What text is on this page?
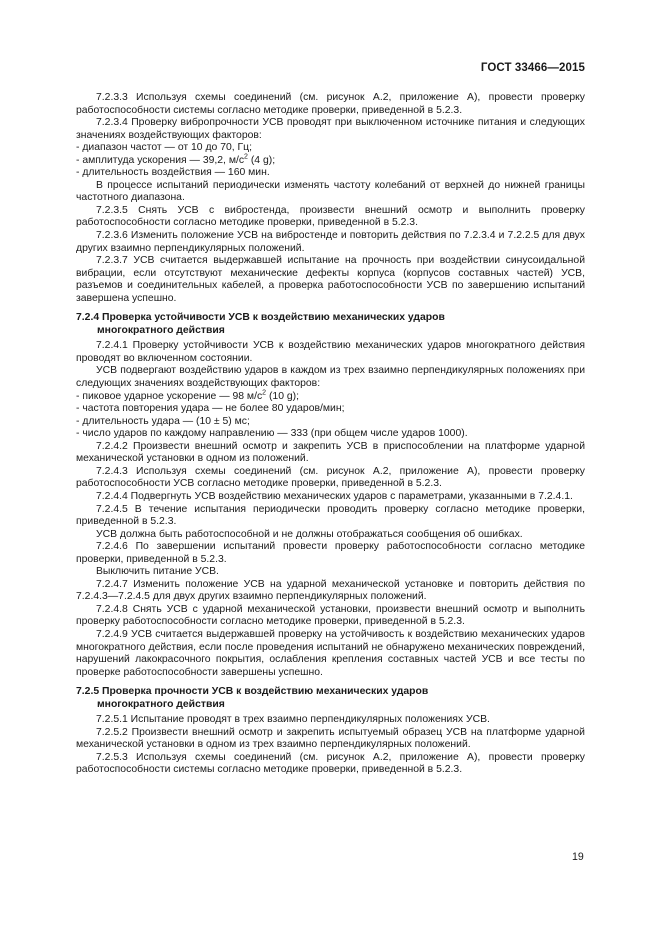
ГОСТ 33466—2015

7.2.3.3 Используя схемы соединений (см. рисунок А.2, приложение А), провести проверку работоспособности системы согласно методике проверки, приведенной в 5.2.3.

7.2.3.4 Проверку вибропрочности УСВ проводят при выключенном источнике питания и следующих значениях воздействующих факторов:

- диапазон частот — от 10 до 70, Гц;

- амплитуда ускорения — 39,2, $м/с^2$ (4 g);

- длительность воздействия — 160 мин.

В процессе испытаний периодически изменять частоту колебаний от верхней до нижней границы частотного диапазона.

7.2.3.5 Снять УСВ с вибростенда, произвести внешний осмотр и выполнить проверку работоспособности согласно методике проверки, приведенной в 5.2.3.

7.2.3.6 Изменить положение УСВ на вибростенде и повторить действия по 7.2.3.4 и 7.2.2.5 для двух других взаимно перпендикулярных положений.

7.2.3.7 УСВ считается выдержавшей испытание на прочность при воздействии синусоидальной вибрации, если отсутствуют механические дефекты корпуса (корпусов составных частей) УСВ, разъемов и соединительных кабелей, а проверка работоспособности УСВ по завершению испытаний завершена успешно.

7.2.4 Проверка устойчивости УСВ к воздействию механических ударов
многократного действия

7.2.4.1 Проверку устойчивости УСВ к воздействию механических ударов многократного действия проводят во включенном состоянии.

УСВ подвергают воздействию ударов в каждом из трех взаимно перпендикулярных положениях при следующих значениях воздействующих факторов:

- пиковое ударное ускорение — 98 $м/с^2$ (10 g);

- частота повторения удара — не более 80 ударов/мин;

- длительность удара — (10 ± 5) мс;

- число ударов по каждому направлению — 333 (при общем числе ударов 1000).

7.2.4.2 Произвести внешний осмотр и закрепить УСВ в приспособлении на платформе ударной механической установки в одном из положений.

7.2.4.3 Используя схемы соединений (см. рисунок А.2, приложение А), провести проверку работоспособности УСВ согласно методике проверки, приведенной в 5.2.3.

7.2.4.4 Подвергнуть УСВ воздействию механических ударов с параметрами, указанными в 7.2.4.1.

7.2.4.5 В течение испытания периодически проводить проверку согласно методике проверки, приведенной в 5.2.3.

УСВ должна быть работоспособной и не должны отображаться сообщения об ошибках.

7.2.4.6 По завершении испытаний провести проверку работоспособности согласно методике проверки, приведенной в 5.2.3.

Выключить питание УСВ.

7.2.4.7 Изменить положение УСВ на ударной механической установке и повторить действия по 7.2.4.3—7.2.4.5 для двух других взаимно перпендикулярных положений.

7.2.4.8 Снять УСВ с ударной механической установки, произвести внешний осмотр и выполнить проверку работоспособности согласно методике проверки, приведенной в 5.2.3.

7.2.4.9 УСВ считается выдержавшей проверку на устойчивость к воздействию механических ударов многократного действия, если после проведения испытаний не обнаружено механических повреждений, нарушений лакокрасочного покрытия, ослабления крепления составных частей УСВ и все тесты по проверке работоспособности завершены успешно.

7.2.5 Проверка прочности УСВ к воздействию механических ударов
многократного действия

7.2.5.1 Испытание проводят в трех взаимно перпендикулярных положениях УСВ.

7.2.5.2 Произвести внешний осмотр и закрепить испытуемый образец УСВ на платформе ударной механической установки в одном из трех взаимно перпендикулярных положений.

7.2.5.3 Используя схемы соединений (см. рисунок А.2, приложение А), провести проверку работоспособности системы согласно методике проверки, приведенной в 5.2.3.

19
